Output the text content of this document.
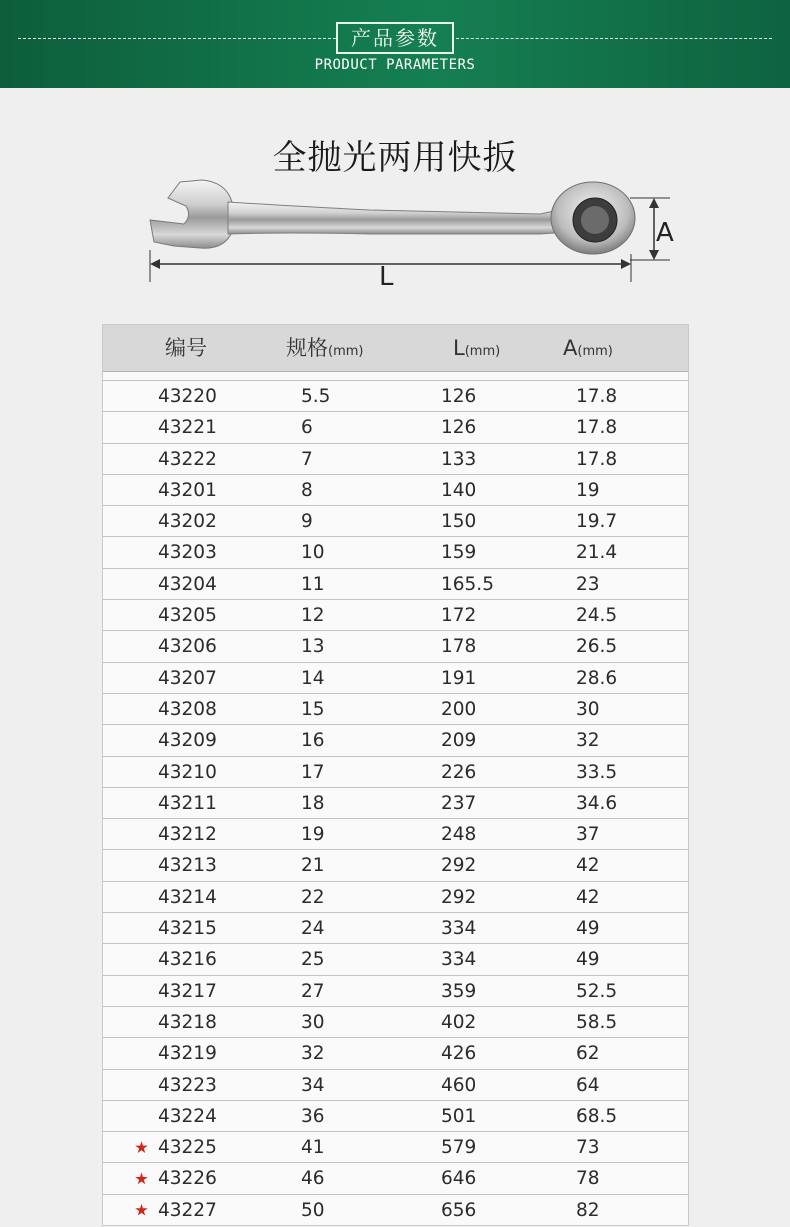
产品参数
PRODUCT PARAMETERS
全抛光两用快扳
A
L
编号	规格(mm)	L(mm)	A(mm)
43220	5.5	126	17.8
43221	6	126	17.8
43222	7	133	17.8
43201	8	140	19
43202	9	150	19.7
43203	10	159	21.4
43204	11	165.5	23
43205	12	172	24.5
43206	13	178	26.5
43207	14	191	28.6
43208	15	200	30
43209	16	209	32
43210	17	226	33.5
43211	18	237	34.6
43212	19	248	37
43213	21	292	42
43214	22	292	42
43215	24	334	49
43216	25	334	49
43217	27	359	52.5
43218	30	402	58.5
43219	32	426	62
43223	34	460	64
43224	36	501	68.5
43225	41	579	73
43226	46	646	78
43227	50	656	82
